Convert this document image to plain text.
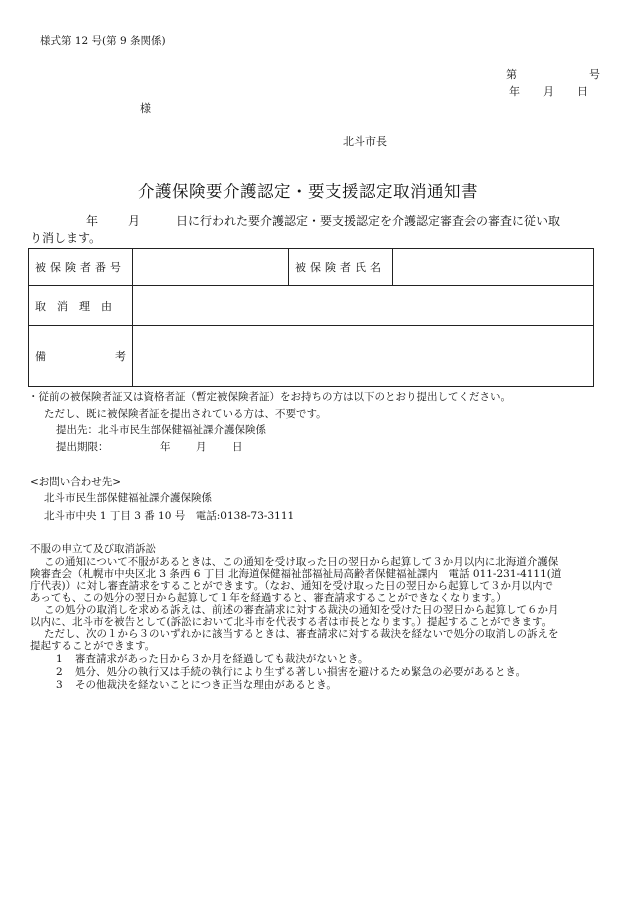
様式第 12 号(第 9 条関係)
第	号
年 月 日
様
北斗市長
介護保険要介護認定・要支援認定取消通知書
年 月	日に行われた要介護認定・要支援認定を介護認定審査会の審査に従い取
り消します。
被保険者番号		被保険者氏名	
取　消　理　由			

備 考			

・従前の被保険者証又は資格者証（暫定被保険者証）をお持ちの方は以下のとおり提出してください。
ただし、既に被保険者証を提出されている方は、不要です。
提出先：北斗市民生部保健福祉課介護保険係
提出期限：	年 月 日
<お問い合わせ先>
北斗市民生部保健福祉課介護保険係
北斗市中央 1 丁目 3 番 10 号　電話:0138-73-3111
不服の申立て及び取消訴訟
この通知について不服があるときは、この通知を受け取った日の翌日から起算して３か月以内に北海道介護保
険審査会（札幌市中央区北 3 条西 6 丁目 北海道保健福祉部福祉局高齢者保健福祉課内　電話 011-231-4111(道
庁代表)）に対し審査請求をすることができます。（なお、通知を受け取った日の翌日から起算して３か月以内で
あっても、この処分の翌日から起算して１年を経過すると、審査請求することができなくなります。）
この処分の取消しを求める訴えは、前述の審査請求に対する裁決の通知を受けた日の翌日から起算して６か月
以内に、北斗市を被告として(訴訟において北斗市を代表する者は市長となります。）提起することができます。
ただし、次の１から３のいずれかに該当するときは、審査請求に対する裁決を経ないで処分の取消しの訴えを
提起することができます。
1 審査請求があった日から３か月を経過しても裁決がないとき。
2 処分、処分の執行又は手続の執行により生ずる著しい損害を避けるため緊急の必要があるとき。
3 その他裁決を経ないことにつき正当な理由があるとき。
